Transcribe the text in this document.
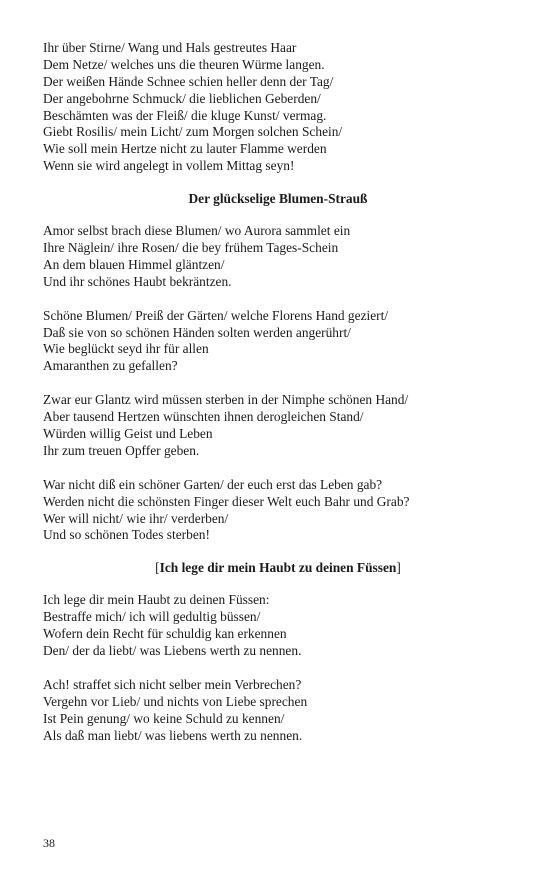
Ihr über Stirne/ Wang und Hals gestreutes Haar
Dem Netze/ welches uns die theuren Würme langen.
Der weißen Hände Schnee schien heller denn der Tag/
Der angebohrne Schmuck/ die lieblichen Geberden/
Beschämten was der Fleiß/ die kluge Kunst/ vermag.
Giebt Rosilis/ mein Licht/ zum Morgen solchen Schein/
Wie soll mein Hertze nicht zu lauter Flamme werden
Wenn sie wird angelegt in vollem Mittag seyn!
Der glückselige Blumen-Strauß
Amor selbst brach diese Blumen/ wo Aurora sammlet ein
Ihre Näglein/ ihre Rosen/ die bey frühem Tages-Schein
An dem blauen Himmel gläntzen/
Und ihr schönes Haubt bekräntzen.
Schöne Blumen/ Preiß der Gärten/ welche Florens Hand geziert/
Daß sie von so schönen Händen solten werden angerührt/
Wie beglückt seyd ihr für allen
Amaranthen zu gefallen?
Zwar eur Glantz wird müssen sterben in der Nimphe schönen Hand/
Aber tausend Hertzen wünschten ihnen derogleichen Stand/
Würden willig Geist und Leben
Ihr zum treuen Opffer geben.
War nicht diß ein schöner Garten/ der euch erst das Leben gab?
Werden nicht die schönsten Finger dieser Welt euch Bahr und Grab?
Wer will nicht/ wie ihr/ verderben/
Und so schönen Todes sterben!
[Ich lege dir mein Haubt zu deinen Füssen]
Ich lege dir mein Haubt zu deinen Füssen:
Bestraffe mich/ ich will gedultig büssen/
Wofern dein Recht für schuldig kan erkennen
Den/ der da liebt/ was Liebens werth zu nennen.
Ach! straffet sich nicht selber mein Verbrechen?
Vergehn vor Lieb/ und nichts von Liebe sprechen
Ist Pein genung/ wo keine Schuld zu kennen/
Als daß man liebt/ was liebens werth zu nennen.
38
